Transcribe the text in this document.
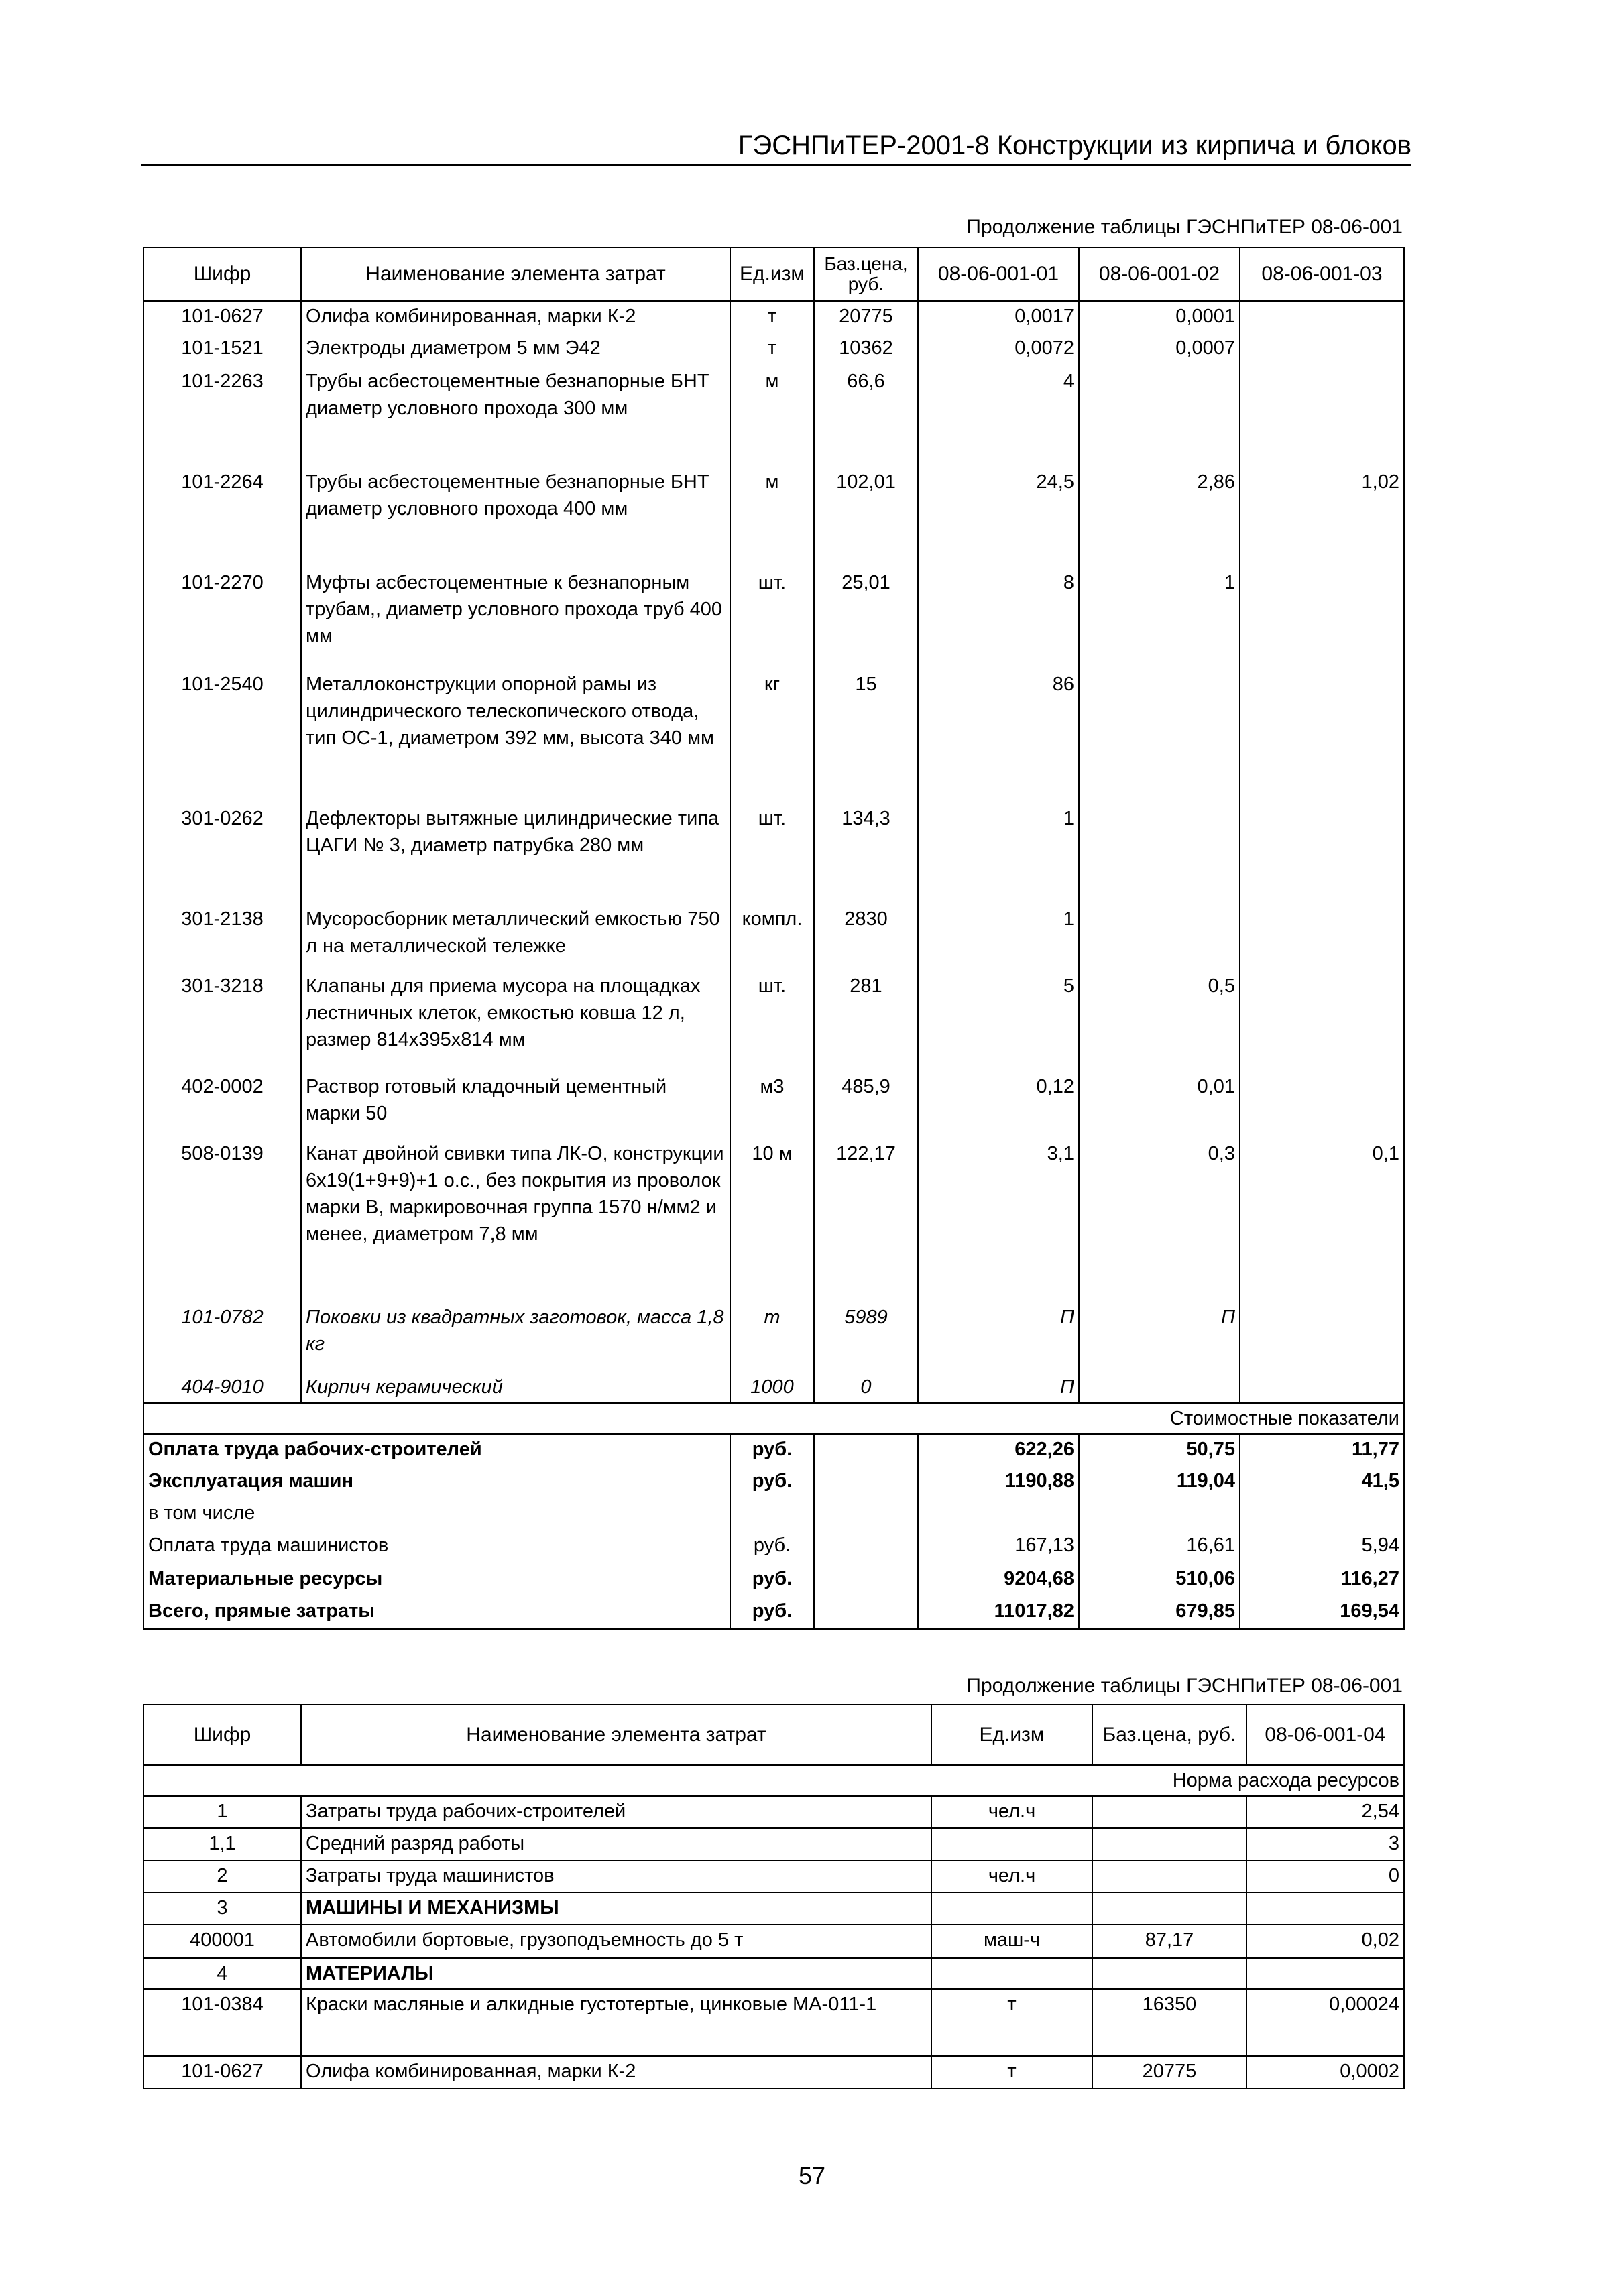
ГЭСНПиТЕР-2001-8 Конструкции из кирпича и блоков
Продолжение таблицы ГЭСНПиТЕР 08-06-001
Шифр	Наименование элемента затрат	Ед.изм	Баз.цена, руб.	08-06-001-01	08-06-001-02	08-06-001-03
101-0627	Олифа комбинированная, марки К-2	т	20775	0,0017	0,0001	
101-1521	Электроды диаметром 5 мм Э42	т	10362	0,0072	0,0007	
101-2263	Трубы асбестоцементные безнапорные БНТ диаметр условного прохода 300 мм	м	66,6	4		
101-2264	Трубы асбестоцементные безнапорные БНТ диаметр условного прохода 400 мм	м	102,01	24,5	2,86	1,02
101-2270	Муфты асбестоцементные к безнапорным трубам,, диаметр условного прохода труб 400 мм	шт.	25,01	8	1	
101-2540	Металлоконструкции опорной рамы из цилиндрического телескопического отвода, тип ОС-1, диаметром 392 мм, высота 340 мм	кг	15	86		
301-0262	Дефлекторы вытяжные цилиндрические типа ЦАГИ № 3, диаметр патрубка 280 мм	шт.	134,3	1		
301-2138	Мусоросборник металлический емкостью 750 л на металлической тележке	компл.	2830	1		
301-3218	Клапаны для приема мусора на площадках лестничных клеток, емкостью ковша 12 л, размер 814х395х814 мм	шт.	281	5	0,5	
402-0002	Раствор готовый кладочный цементный марки 50	м3	485,9	0,12	0,01	
508-0139	Канат двойной свивки типа ЛК-О, конструкции 6х19(1+9+9)+1 о.с., без покрытия из проволок марки В, маркировочная группа 1570 н/мм2 и менее, диаметром 7,8 мм	10 м	122,17	3,1	0,3	0,1
101-0782	Поковки из квадратных заготовок, масса 1,8 кг	т	5989	П	П	
404-9010	Кирпич керамический	1000	0	П		
Стоимостные показатели						
Оплата труда рабочих-строителей		руб.		622,26	50,75	11,77
Эксплуатация машин		руб.		1190,88	119,04	41,5
в том числе						
Оплата труда машинистов		руб.		167,13	16,61	5,94
Материальные ресурсы		руб.		9204,68	510,06	116,27
Всего, прямые затраты		руб.		11017,82	679,85	169,54
Продолжение таблицы ГЭСНПиТЕР 08-06-001
Шифр	Наименование элемента затрат	Ед.изм	Баз.цена, руб.	08-06-001-04
Норма расхода ресурсов				
1	Затраты труда рабочих-строителей	чел.ч		2,54
1,1	Средний разряд работы			3
2	Затраты труда машинистов	чел.ч		0
3	МАШИНЫ И МЕХАНИЗМЫ			
400001	Автомобили бортовые, грузоподъемность до 5 т	маш-ч	87,17	0,02
4	МАТЕРИАЛЫ			
101-0384	Краски масляные и алкидные густотертые, цинковые МА-011-1	т	16350	0,00024
101-0627	Олифа комбинированная, марки К-2	т	20775	0,0002
57
